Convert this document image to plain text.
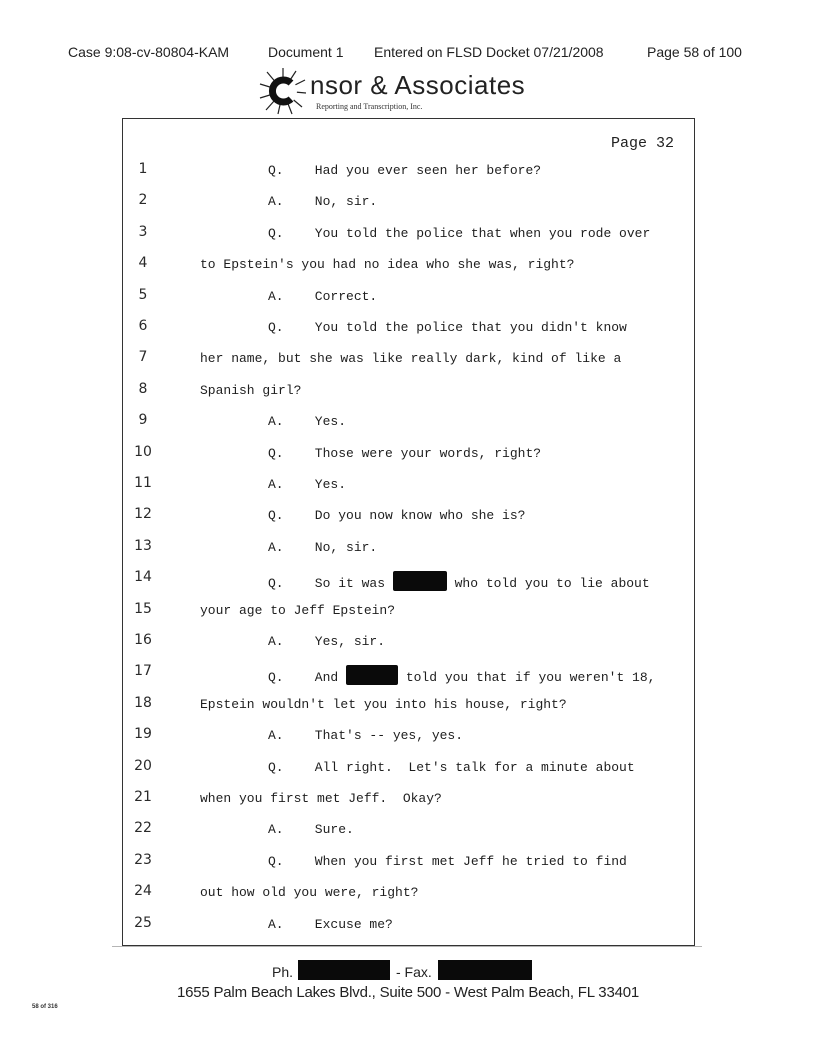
Case 9:08-cv-80804-KAM	Document 1 Entered on FLSD Docket 07/21/2008	Page 58 of 100
nsor & Associates
Reporting and Transcription, Inc.
Page 32
1	Q.    Had you ever seen her before?
2	A.    No, sir.
3	Q.    You told the police that when you rode over
4	to Epstein's you had no idea who she was, right?
5	A.    Correct.
6	Q.    You told the police that you didn't know
7	her name, but she was like really dark, kind of like a
8	Spanish girl?
9	A.    Yes.
10	Q.    Those were your words, right?
11	A.    Yes.
12	Q.    Do you now know who she is?
13	A.    No, sir.
14	Q.    So it was	who told you to lie about
15	your age to Jeff Epstein?
16	A.    Yes, sir.
17	Q.    And	told you that if you weren't 18,
18	Epstein wouldn't let you into his house, right?
19	A.    That's -- yes, yes.
20	Q.    All right.  Let's talk for a minute about
21	when you first met Jeff.  Okay?
22	A.    Sure.
23	Q.    When you first met Jeff he tried to find
24	out how old you were, right?
25	A.    Excuse me?
Ph.	- Fax.
1655 Palm Beach Lakes Blvd., Suite 500 - West Palm Beach, FL 33401
58 of 316
